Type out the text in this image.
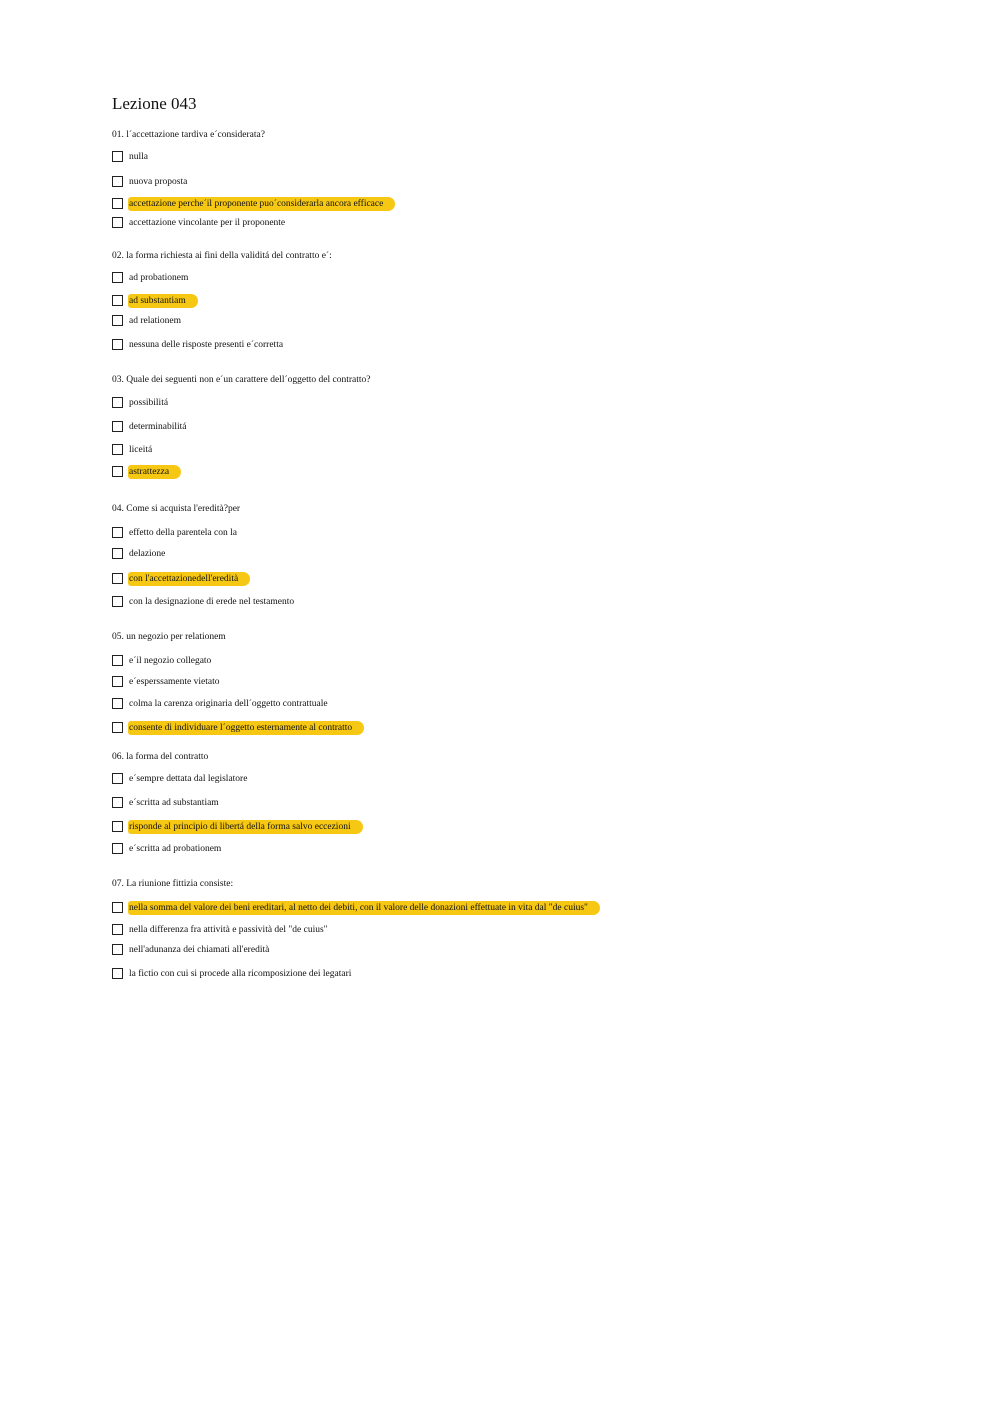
Lezione 043
01. l´accettazione tardiva e´considerata?
nulla
nuova proposta
accettazione perche´il proponente puo´considerarla ancora efficace
accettazione vincolante per il proponente
02. la forma richiesta ai fini della validitá del contratto e´:
ad probationem
ad substantiam
ad relationem
nessuna delle risposte presenti e´corretta
03. Quale dei seguenti non e´un carattere dell´oggetto del contratto?
possibilitá
determinabilitá
liceitá
astrattezza
04. Come si acquista l'eredità?per
effetto della parentela con la
delazione
con l'accettazionedell'eredità
con la designazione di erede nel testamento
05. un negozio per relationem
e´il negozio collegato
e´esperssamente vietato
colma la carenza originaria dell´oggetto contrattuale
consente di individuare l´oggetto esternamente al contratto
06. la forma del contratto
e´sempre dettata dal legislatore
e´scritta ad substantiam
risponde al principio di libertá della forma salvo eccezioni
e´scritta ad probationem
07. La riunione fittizia consiste:
nella somma del valore dei beni ereditari, al netto dei debiti, con il valore delle donazioni effettuate in vita dal "de cuius"
nella differenza fra attività e passività del "de cuius"
nell'adunanza dei chiamati all'eredità
la fictio con cui si procede alla ricomposizione dei legatari
